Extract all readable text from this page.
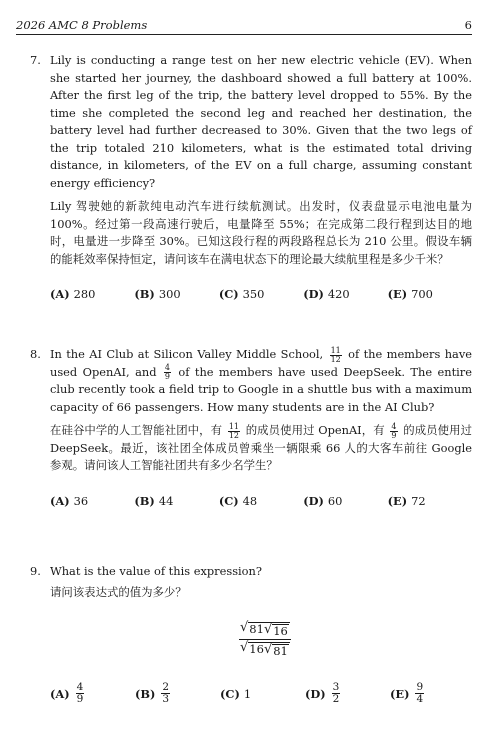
2026 AMC 8 Problems	6
7. Lily is conducting a range test on her new electric vehicle (EV). When she started her journey, the dashboard showed a full battery at 100%. After the first leg of the trip, the battery level dropped to 55%. By the time she completed the second leg and reached her destination, the battery level had further decreased to 30%. Given that the two legs of the trip totaled 210 kilometers, what is the estimated total driving distance, in kilometers, of the EV on a full charge, assuming constant energy efficiency?
Lily 驾驶她的新款纯电动汽车进行续航测试。出发时，仪表盘显示电池电量为 100%。经过第一段高速行驶后，电量降至 55%；在完成第二段行程到达目的地时，电量进一步降至 30%。已知这段行程的两段路程总长为 210 公里。假设车辆的能耗效率保持恒定，请问该车在满电状态下的理论最大续航里程是多少千米？
(A) 280	(B) 300	(C) 350	(D) 420	(E) 700
8. In the AI Club at Silicon Valley Middle School, $\frac{11}{12}$ of the members have used OpenAI, and $\frac{4}{9}$ of the members have used DeepSeek. The entire club recently took a field trip to Google in a shuttle bus with a maximum capacity of 66 passengers. How many students are in the AI Club?
在硅谷中学的人工智能社团中，有 $\frac{11}{12}$ 的成员使用过 OpenAI，有 $\frac{4}{9}$ 的成员使用过 DeepSeek。最近，该社团全体成员曾乘坐一辆限乘 66 人的大客车前往 Google 参观。请问该人工智能社团共有多少名学生？
(A) 36	(B) 44	(C) 48	(D) 60	(E) 72
9. What is the value of this expression?
请问该表达式的值为多少？
√ 81 √ 16
√ 16 √ 81
$(A) \frac{4}{9}$	$(B) \frac{2}{3}$	(C) 1	$(D) \frac{3}{2}$	$(E) \frac{9}{4}$
